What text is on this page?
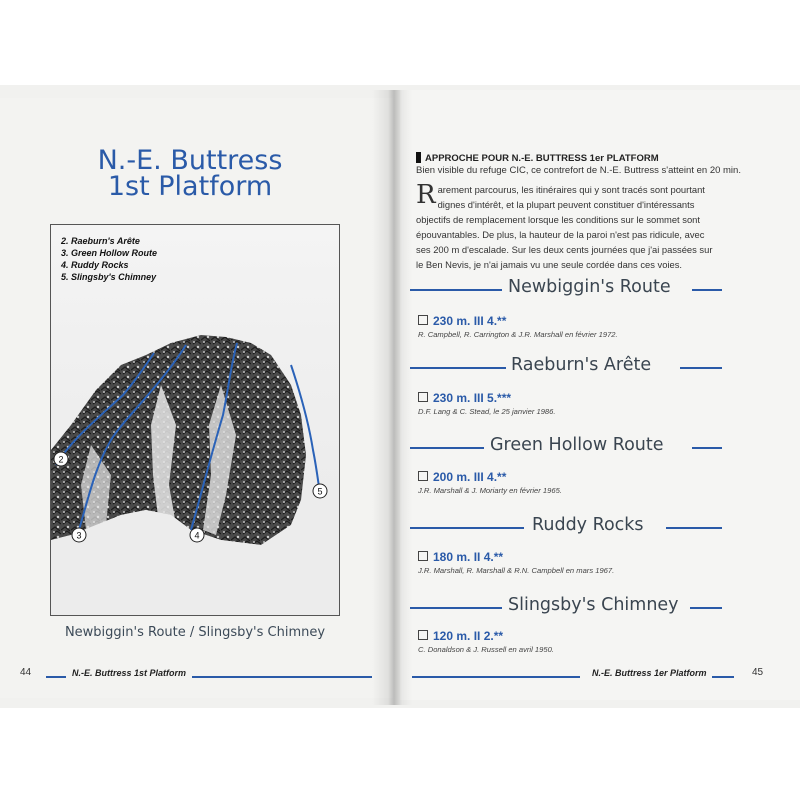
N.-E. Buttress
1st Platform
2
3	4
5
2. Raeburn's Arête
3. Green Hollow Route
4. Ruddy Rocks
5. Slingsby's Chimney
Newbiggin's Route / Slingsby's Chimney
44	N.-E. Buttress 1st Platform
APPROCHE POUR N.-E. BUTTRESS 1er PLATFORM
Bien visible du refuge CIC, ce contrefort de N.-E. Buttress s'atteint en 20 min.
Rarement parcourus, les itinéraires qui y sont tracés sont pourtant dignes d'intérêt, et la plupart peuvent constituer d'intéressants objectifs de remplacement lorsque les conditions sur le sommet sont épouvantables. De plus, la hauteur de la paroi n'est pas ridicule, avec ses 200 m d'escalade. Sur les deux cents journées que j'ai passées sur le Ben Nevis, je n'ai jamais vu une seule cordée dans ces voies.
Newbiggin's Route
230 m. III 4.**
R. Campbell, R. Carrington & J.R. Marshall en février 1972.
Raeburn's Arête
230 m. III 5.***
D.F. Lang & C. Stead, le 25 janvier 1986.
Green Hollow Route
200 m. III 4.**
J.R. Marshall & J. Moriarty en février 1965.
Ruddy Rocks
180 m. II 4.**
J.R. Marshall, R. Marshall & R.N. Campbell en mars 1967.
Slingsby's Chimney
120 m. II 2.**
C. Donaldson & J. Russell en avril 1950.
N.-E. Buttress 1er Platform	45
